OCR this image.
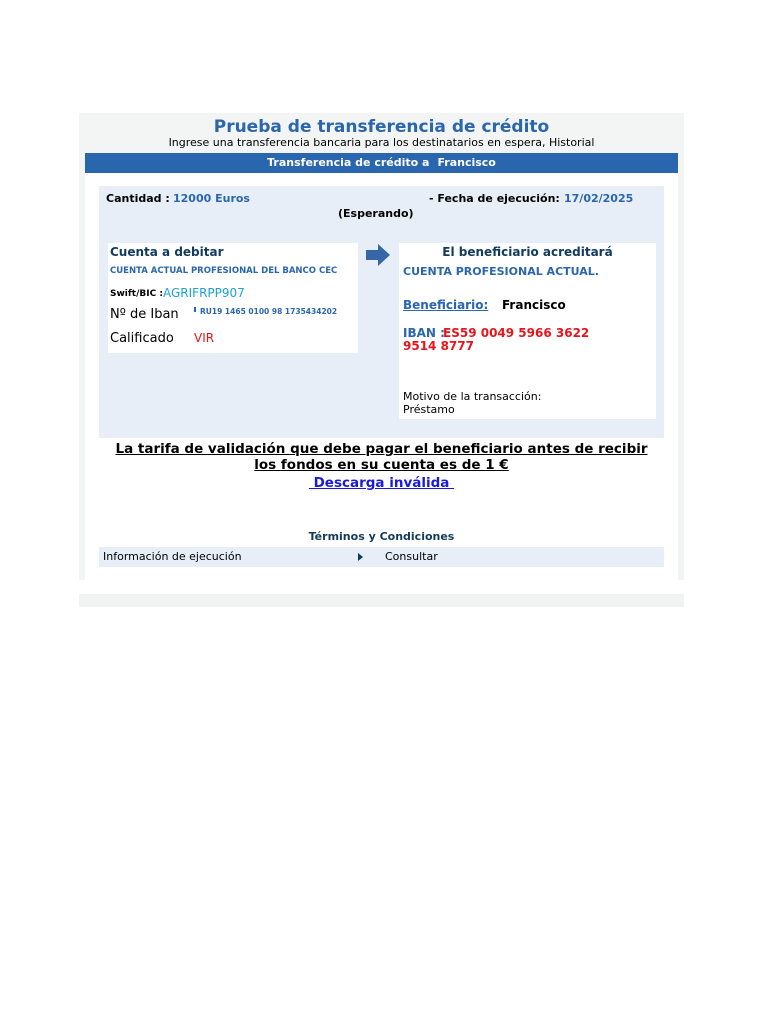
Prueba de transferencia de crédito
Ingrese una transferencia bancaria para los destinatarios en espera, Historial
Transferencia de crédito a Francisco
Cantidad : 12000 Euros	- Fecha de ejecución: 17/02/2025
(Esperando)
Cuenta a debitar
CUENTA ACTUAL PROFESIONAL DEL BANCO CEC
Swift/BIC : AGRIFRPP907
Nº de Iban	RU19 1465 0100 98 1735434202
Calificado VIR
El beneficiario acreditará
CUENTA PROFESIONAL ACTUAL.
Beneficiario: Francisco
IBAN :
ES59 0049 5966 3622
9514 8777
Motivo de la transacción:
Préstamo
La tarifa de validación que debe pagar el beneficiario antes de recibir
los fondos en su cuenta es de 1 €
Descarga inválida
Términos y Condiciones
Información de ejecución	Consultar
